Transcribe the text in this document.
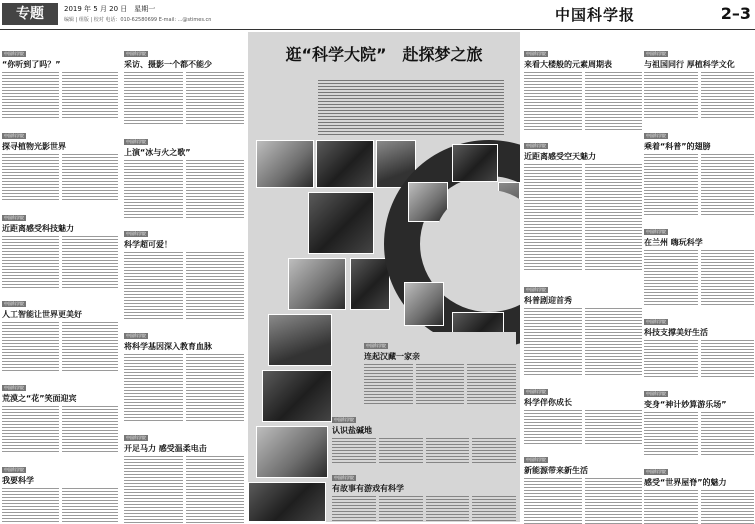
专题	2019 年 5 月 20 日　星期一
编辑 | 组版 | 校对 电话：010-62580699 E-mail: ...@stimes.cn	中国科学报	2–3
中国科学院
“你听到了吗？”
中国科学院
探寻植物光影世界
中国科学院
近距离感受科技魅力
中国科学院
人工智能让世界更美好
中国科学院
荒漠之“花”笑面迎宾
中国科学院
我要科学
中国科学院
采访、摄影一个都不能少
中国科学院
上演“冰与火之歌”
中国科学院
科学超可爱！
中国科学院
将科学基因深入教育血脉
中国科学院
开足马力 感受温柔电击
逛“科学大院”　赴探梦之旅
中国科学院
连起汉藏一家亲
中国科学院
认识盐碱地
中国科学院
有故事有游戏有科学
中国科学院
来看大楼般的元素周期表
中国科学院
近距离感受空天魅力
中国科学院
科普剧迎首秀
中国科学院
科学伴你成长
中国科学院
新能源带来新生活
中国科学院
与祖国同行 厚植科学文化
中国科学院
乘着“科普”的翅膀
中国科学院
在兰州 嗨玩科学
中国科学院
科技支撑美好生活
中国科学院
变身“神计妙算游乐场”
中国科学院
感受“世界屋脊”的魅力
